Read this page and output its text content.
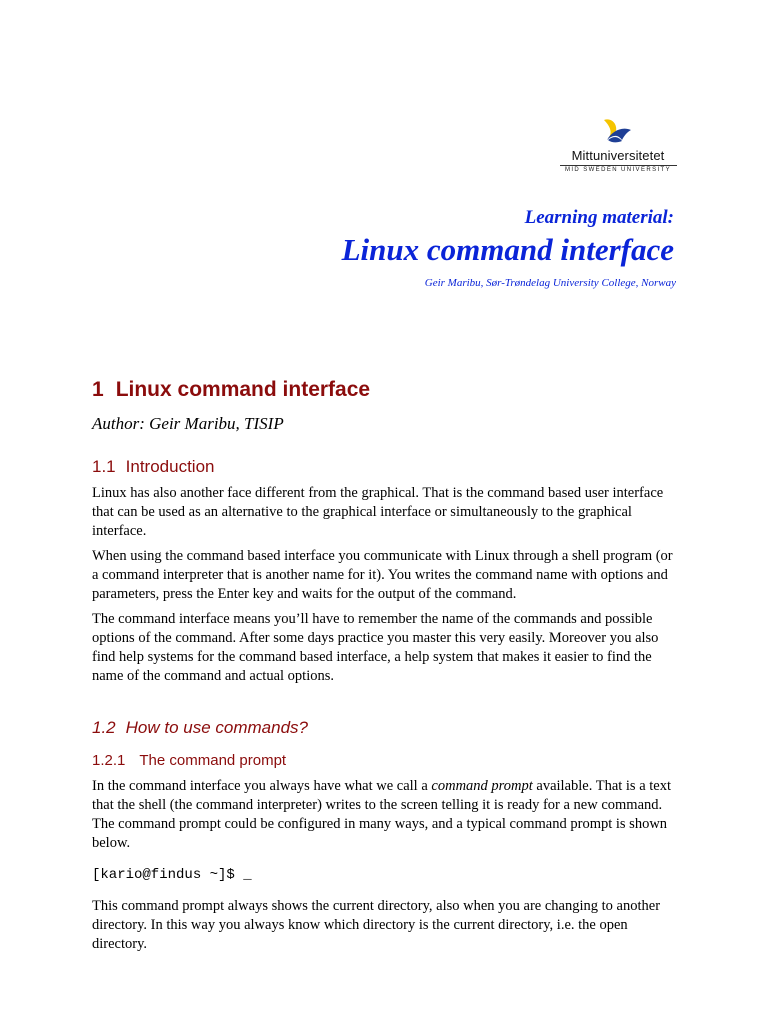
Mittuniversitetet
MID SWEDEN UNIVERSITY
Learning material:
Linux command interface
Geir Maribu, Sør-Trøndelag University College, Norway
1 Linux command interface
Author: Geir Maribu, TISIP
1.1 Introduction

Linux has also another face different from the graphical. That is the command based user interface that can be used as an alternative to the graphical interface or simultaneously to the graphical interface.

When using the command based interface you communicate with Linux through a shell program (or a command interpreter that is another name for it). You writes the command name with options and parameters, press the Enter key and waits for the output of the command.

The command interface means you’ll have to remember the name of the commands and possible options of the command. After some days practice you master this very easily. Moreover you also find help systems for the command based interface, a help system that makes it easier to find the name of the command and actual options.

1.2 How to use commands?
1.2.1 The command prompt

In the command interface you always have what we call a command prompt available. That is a text that the shell (the command interpreter) writes to the screen telling it is ready for a new command. The command prompt could be configured in many ways, and a typical command prompt is shown below.

[kario@findus ~]$ _

This command prompt always shows the current directory, also when you are changing to another directory. In this way you always know which directory is the current directory, i.e. the open directory.
